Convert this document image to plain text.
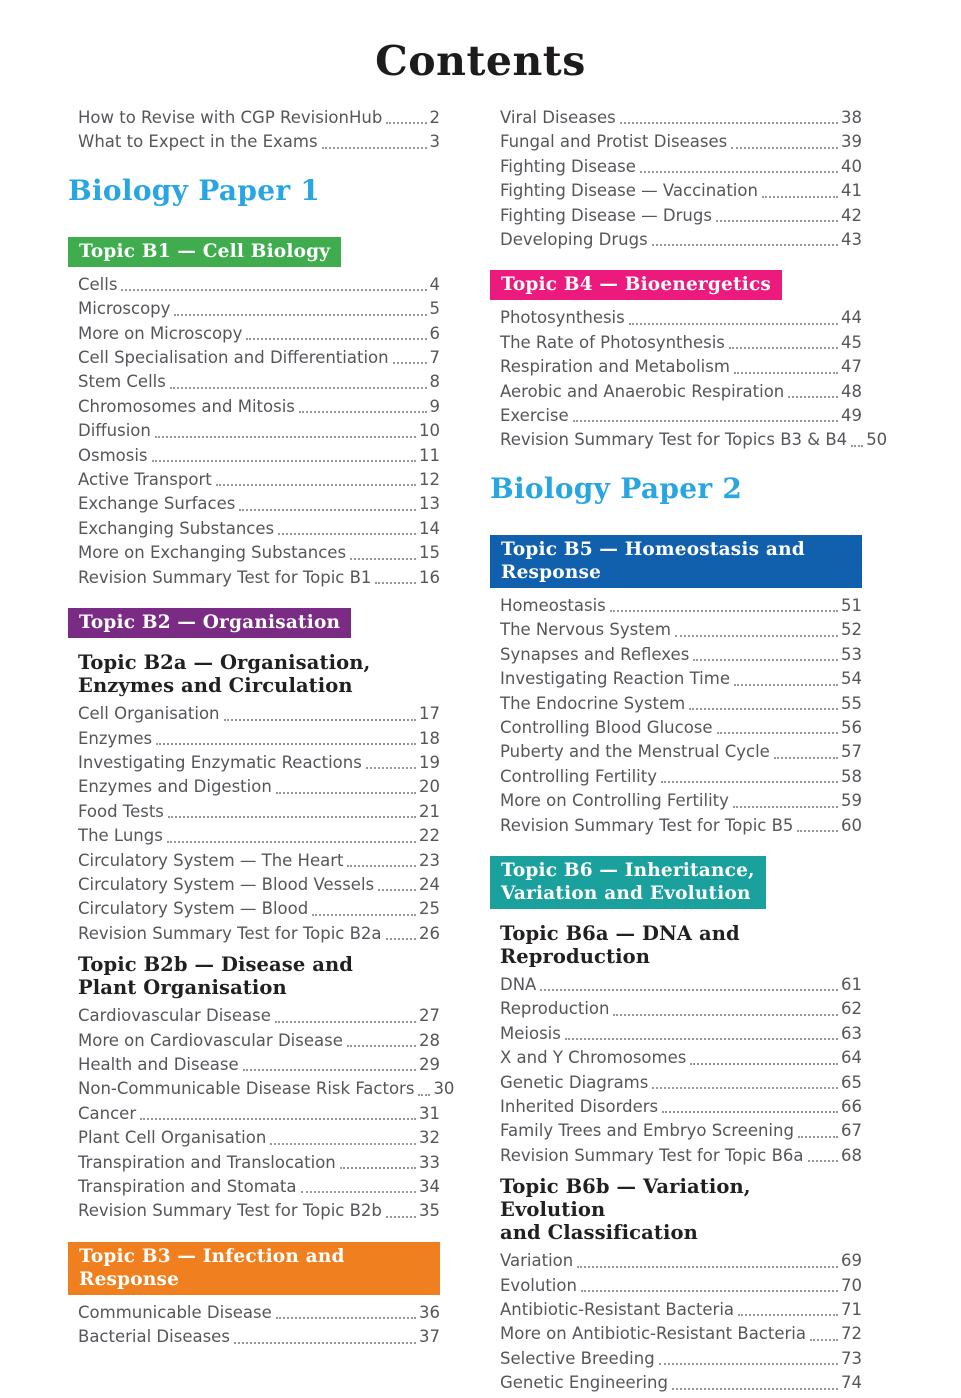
Contents
How to Revise with CGP RevisionHub	2
What to Expect in the Exams	3
Biology Paper 1
Topic B1 — Cell Biology
Cells	4
Microscopy	5
More on Microscopy	6
Cell Specialisation and Differentiation 7
Stem Cells	8
Chromosomes and Mitosis	9
Diffusion	10
Osmosis	11
Active Transport	12
Exchange Surfaces	13
Exchanging Substances	14
More on Exchanging Substances	15
Revision Summary Test for Topic B1	16
Topic B2 — Organisation
Topic B2a — Organisation,
Enzymes and Circulation
Cell Organisation	17
Enzymes	18
Investigating Enzymatic Reactions	19
Enzymes and Digestion	20
Food Tests	21
The Lungs	22
Circulatory System — The Heart	23
Circulatory System — Blood Vessels	24
Circulatory System — Blood	25
Revision Summary Test for Topic B2a 26
Topic B2b — Disease and
Plant Organisation
Cardiovascular Disease	27
More on Cardiovascular Disease	28
Health and Disease	29
Non-Communicable Disease Risk Factors 30
Cancer	31
Plant Cell Organisation	32
Transpiration and Translocation	33
Transpiration and Stomata	34
Revision Summary Test for Topic B2b 35
Topic B3 — Infection and Response
Communicable Disease	36
Bacterial Diseases	37
Viral Diseases	38
Fungal and Protist Diseases	39
Fighting Disease	40
Fighting Disease — Vaccination	41
Fighting Disease — Drugs	42
Developing Drugs	43
Topic B4 — Bioenergetics
Photosynthesis	44
The Rate of Photosynthesis	45
Respiration and Metabolism	47
Aerobic and Anaerobic Respiration	48
Exercise	49
Revision Summary Test for Topics B3 & B4 50
Biology Paper 2
Topic B5 — Homeostasis and Response
Homeostasis	51
The Nervous System	52
Synapses and Reflexes	53
Investigating Reaction Time	54
The Endocrine System	55
Controlling Blood Glucose	56
Puberty and the Menstrual Cycle	57
Controlling Fertility	58
More on Controlling Fertility	59
Revision Summary Test for Topic B5	60
Topic B6 — Inheritance,
Variation and Evolution
Topic B6a — DNA and Reproduction
DNA	61
Reproduction	62
Meiosis	63
X and Y Chromosomes	64
Genetic Diagrams	65
Inherited Disorders	66
Family Trees and Embryo Screening	67
Revision Summary Test for Topic B6a 68
Topic B6b — Variation, Evolution
and Classification
Variation	69
Evolution	70
Antibiotic-Resistant Bacteria	71
More on Antibiotic-Resistant Bacteria 72
Selective Breeding	73
Genetic Engineering	74
